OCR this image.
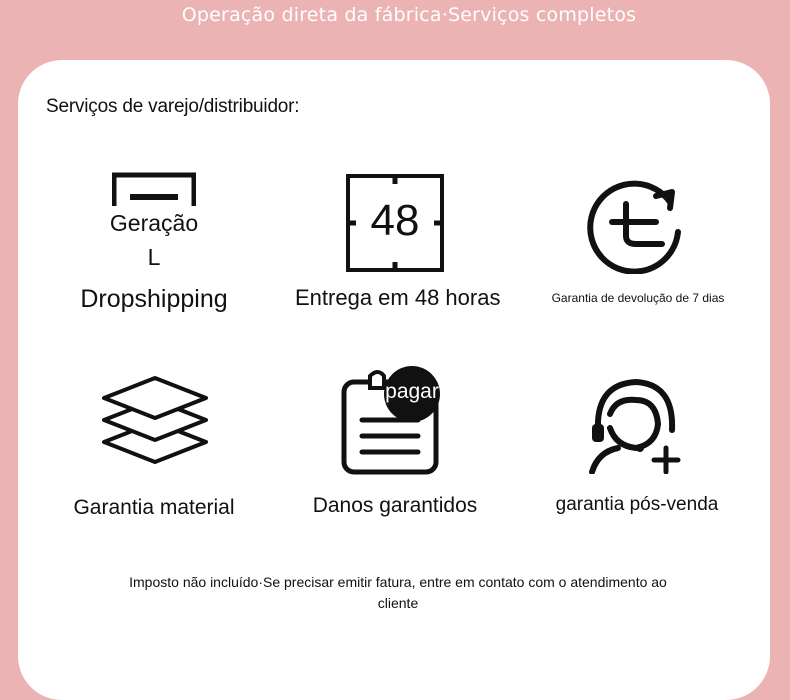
Operação direta da fábrica·Serviços completos
Serviços de varejo/distribuidor:
Geração
L
Dropshipping
48
Entrega em 48 horas	Garantia de devolução de 7 dias
Garantia material
pagar
Danos garantidos	garantia pós-venda
Imposto não incluído·Se precisar emitir fatura, entre em contato com o atendimento ao cliente
